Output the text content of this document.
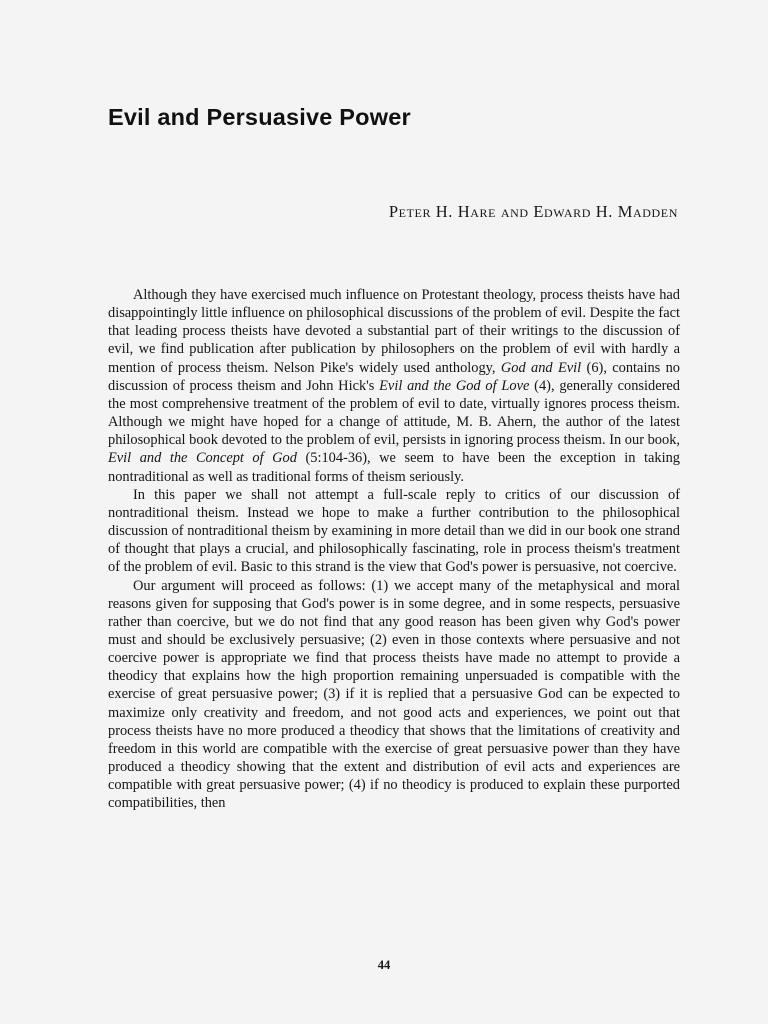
Evil and Persuasive Power

Peter H. Hare and Edward H. Madden

Although they have exercised much influence on Protestant theology, process theists have had disappointingly little influence on philosophical discussions of the problem of evil. Despite the fact that leading process theists have devoted a substantial part of their writings to the discussion of evil, we find publication after publication by philosophers on the problem of evil with hardly a mention of process theism. Nelson Pike's widely used anthology, God and Evil (6), contains no discussion of process theism and John Hick's Evil and the God of Love (4), generally considered the most comprehensive treatment of the problem of evil to date, virtually ignores process theism. Although we might have hoped for a change of attitude, M. B. Ahern, the author of the latest philosophical book devoted to the problem of evil, persists in ignoring process theism. In our book, Evil and the Concept of God (5:104-36), we seem to have been the exception in taking nontraditional as well as traditional forms of theism seriously.

In this paper we shall not attempt a full-scale reply to critics of our discussion of nontraditional theism. Instead we hope to make a further contribution to the philosophical discussion of nontraditional theism by examining in more detail than we did in our book one strand of thought that plays a crucial, and philosophically fascinating, role in process theism's treatment of the problem of evil. Basic to this strand is the view that God's power is persuasive, not coercive.

Our argument will proceed as follows: (1) we accept many of the metaphysical and moral reasons given for supposing that God's power is in some degree, and in some respects, persuasive rather than coercive, but we do not find that any good reason has been given why God's power must and should be exclusively persuasive; (2) even in those contexts where persuasive and not coercive power is appropriate we find that process theists have made no attempt to provide a theodicy that explains how the high proportion remaining unpersuaded is compatible with the exercise of great persuasive power; (3) if it is replied that a persuasive God can be expected to maximize only creativity and freedom, and not good acts and experiences, we point out that process theists have no more produced a theodicy that shows that the limitations of creativity and freedom in this world are compatible with the exercise of great persuasive power than they have produced a theodicy showing that the extent and distribution of evil acts and experiences are compatible with great persuasive power; (4) if no theodicy is produced to explain these purported compatibilities, then

44
